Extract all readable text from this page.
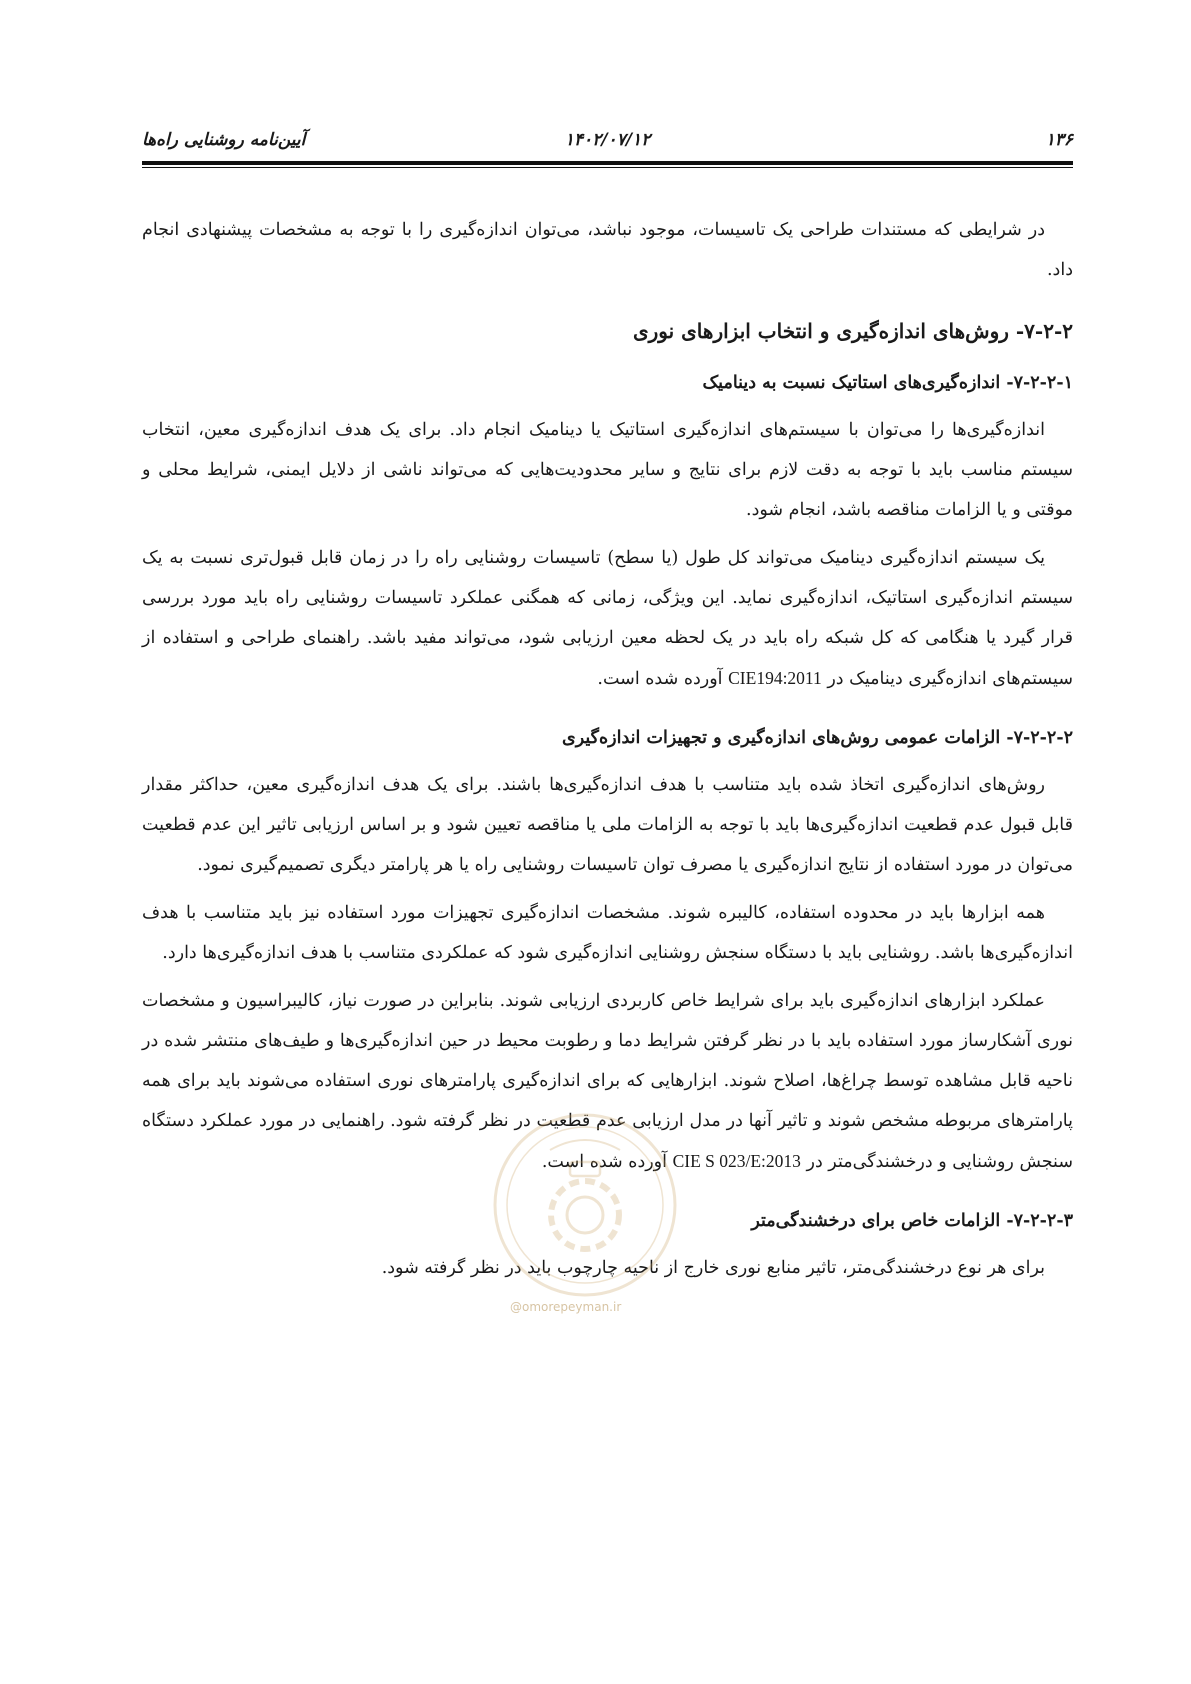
۱۳۶
۱۴۰۲/۰۷/۱۲
آیین‌نامه روشنایی راه‌ها

در شرایطی که مستندات طراحی یک تاسیسات، موجود نباشد، می‌توان اندازه‌گیری را با توجه به مشخصات پیشنهادی انجام داد.

۷-۲-۲- روش‌های اندازه‌گیری و انتخاب ابزارهای نوری
۷-۲-۲-۱- اندازه‌گیری‌های استاتیک نسبت به دینامیک

اندازه‌گیری‌ها را می‌توان با سیستم‌های اندازه‌گیری استاتیک یا دینامیک انجام داد. برای یک هدف اندازه‌گیری معین، انتخاب سیستم مناسب باید با توجه به دقت لازم برای نتایج و سایر محدودیت‌هایی که می‌تواند ناشی از دلایل ایمنی، شرایط محلی و موقتی و یا الزامات مناقصه باشد، انجام شود.

یک سیستم اندازه‌گیری دینامیک می‌تواند کل طول (یا سطح) تاسیسات روشنایی راه را در زمان قابل قبول‌تری نسبت به یک سیستم اندازه‌گیری استاتیک، اندازه‌گیری نماید. این ویژگی، زمانی که همگنی عملکرد تاسیسات روشنایی راه باید مورد بررسی قرار گیرد یا هنگامی که کل شبکه راه باید در یک لحظه معین ارزیابی شود، می‌تواند مفید باشد. راهنمای طراحی و استفاده از سیستم‌های اندازه‌گیری دینامیک در CIE194:2011 آورده شده است.

۷-۲-۲-۲- الزامات عمومی روش‌های اندازه‌گیری و تجهیزات اندازه‌گیری

روش‌های اندازه‌گیری اتخاذ شده باید متناسب با هدف اندازه‌گیری‌ها باشند. برای یک هدف اندازه‌گیری معین، حداکثر مقدار قابل قبول عدم قطعیت اندازه‌گیری‌ها باید با توجه به الزامات ملی یا مناقصه تعیین شود و بر اساس ارزیابی تاثیر این عدم قطعیت می‌توان در مورد استفاده از نتایج اندازه‌گیری یا مصرف توان تاسیسات روشنایی راه یا هر پارامتر دیگری تصمیم‌گیری نمود.

همه ابزارها باید در محدوده استفاده، کالیبره شوند. مشخصات اندازه‌گیری تجهیزات مورد استفاده نیز باید متناسب با هدف اندازه‌گیری‌ها باشد. روشنایی باید با دستگاه سنجش روشنایی اندازه‌گیری شود که عملکردی متناسب با هدف اندازه‌گیری‌ها دارد.

عملکرد ابزارهای اندازه‌گیری باید برای شرایط خاص کاربردی ارزیابی شوند. بنابراین در صورت نیاز، کالیبراسیون و مشخصات نوری آشکارساز مورد استفاده باید با در نظر گرفتن شرایط دما و رطوبت محیط در حین اندازه‌گیری‌ها و طیف‌های منتشر شده در ناحیه قابل مشاهده توسط چراغ‌ها، اصلاح شوند. ابزارهایی که برای اندازه‌گیری پارامترهای نوری استفاده می‌شوند باید برای همه پارامترهای مربوطه مشخص شوند و تاثیر آنها در مدل ارزیابی عدم قطعیت در نظر گرفته شود. راهنمایی در مورد عملکرد دستگاه سنجش روشنایی و درخشندگی‌متر در CIE S 023/E:2013 آورده شده است.

۷-۲-۲-۳- الزامات خاص برای درخشندگی‌متر

برای هر نوع درخشندگی‌متر، تاثیر منابع نوری خارج از ناحیه چارچوب باید در نظر گرفته شود.

@omorepeyman.ir
